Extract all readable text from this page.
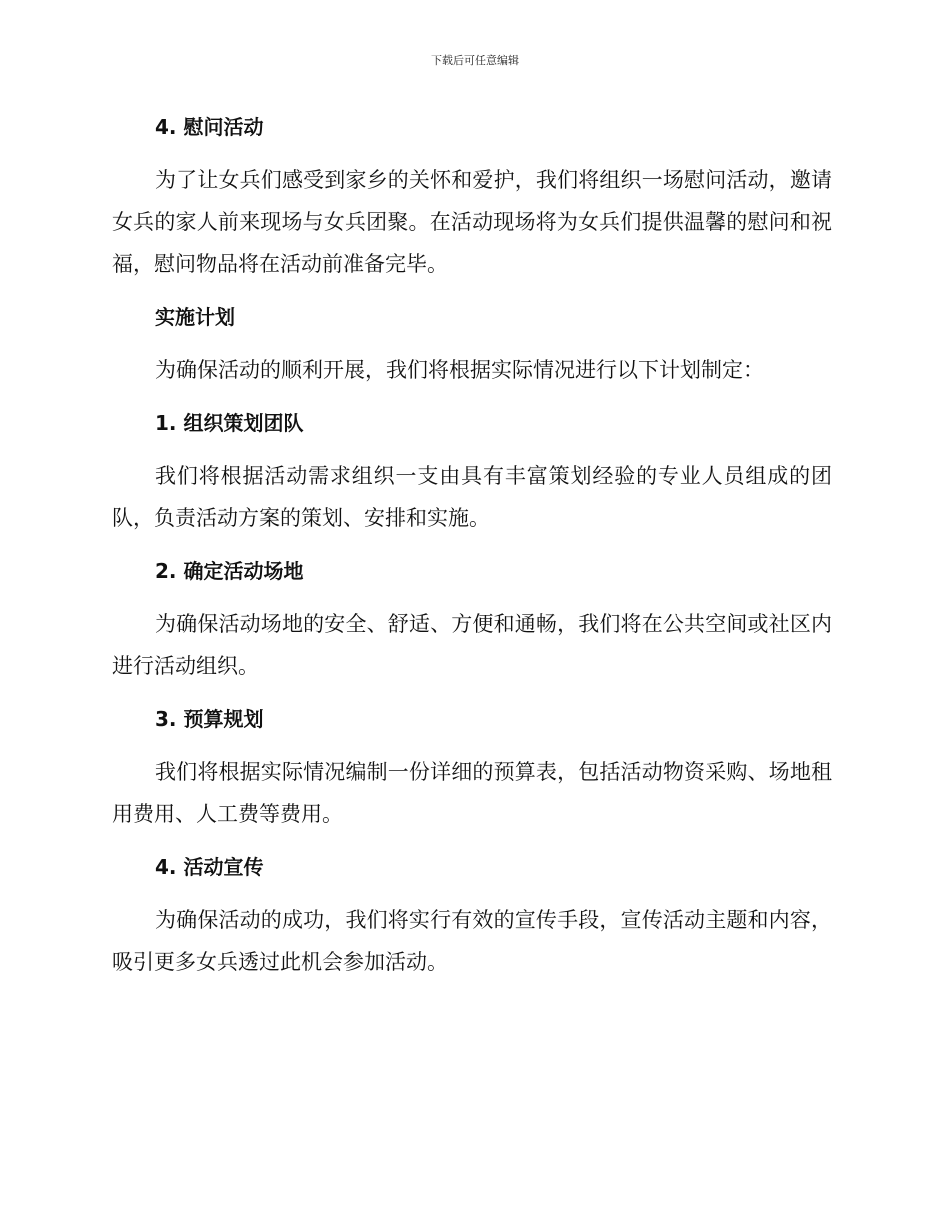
下载后可任意编辑
4. 慰问活动

为了让女兵们感受到家乡的关怀和爱护，我们将组织一场慰问活动，邀请女兵的家人前来现场与女兵团聚。在活动现场将为女兵们提供温馨的慰问和祝福，慰问物品将在活动前准备完毕。

实施计划

为确保活动的顺利开展，我们将根据实际情况进行以下计划制定：

1. 组织策划团队

我们将根据活动需求组织一支由具有丰富策划经验的专业人员组成的团队，负责活动方案的策划、安排和实施。

2. 确定活动场地

为确保活动场地的安全、舒适、方便和通畅，我们将在公共空间或社区内进行活动组织。

3. 预算规划

我们将根据实际情况编制一份详细的预算表，包括活动物资采购、场地租用费用、人工费等费用。

4. 活动宣传

为确保活动的成功，我们将实行有效的宣传手段，宣传活动主题和内容，吸引更多女兵透过此机会参加活动。
